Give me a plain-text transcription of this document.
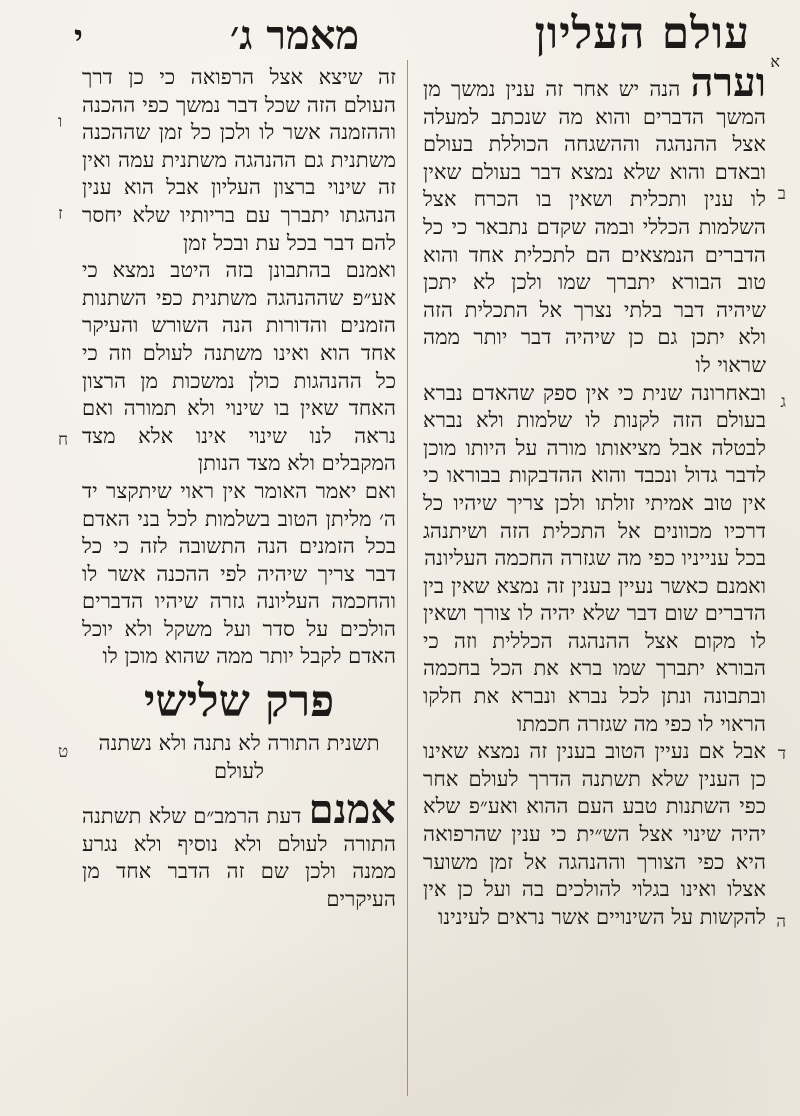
עולם העליון
מאמר ג׳
י
א

וערה הנה יש אחר זה ענין נמשך מן המשך הדברים והוא מה שנכתב למעלה אצל ההנהגה וההשגחה הכוללת בעולם ובאדם והוא שלא נמצא דבר בעולם שאין לו ענין ותכלית ושאין בו הכרח אצל השלמות הכללי ובמה שקדם נתבאר כי כל הדברים הנמצאים הם לתכלית אחד והוא טוב הבורא יתברך שמו ולכן לא יתכן שיהיה דבר בלתי נצרך אל התכלית הזה ולא יתכן גם כן שיהיה דבר יותר ממה שראוי לו

ובאחרונה שנית כי אין ספק שהאדם נברא בעולם הזה לקנות לו שלמות ולא נברא לבטלה אבל מציאותו מורה על היותו מוכן לדבר גדול ונכבד והוא ההדבקות בבוראו כי אין טוב אמיתי זולתו ולכן צריך שיהיו כל דרכיו מכוונים אל התכלית הזה ושיתנהג בכל ענייניו כפי מה שגזרה החכמה העליונה

ואמנם כאשר נעיין בענין זה נמצא שאין בין הדברים שום דבר שלא יהיה לו צורך ושאין לו מקום אצל ההנהגה הכללית וזה כי הבורא יתברך שמו ברא את הכל בחכמה ובתבונה ונתן לכל נברא ונברא את חלקו הראוי לו כפי מה שגזרה חכמתו

אבל אם נעיין הטוב בענין זה נמצא שאינו כן הענין שלא תשתנה הדרך לעולם אחר כפי השתנות טבע העם ההוא ואע״פ שלא יהיה שינוי אצל הש״ית כי ענין שהרפואה היא כפי הצורך וההנהגה אל זמן משוער אצלו ואינו בגלוי להולכים בה ועל כן אין להקשות על השינויים אשר נראים לעינינו

זה שיצא אצל הרפואה כי כן דרך העולם הזה שכל דבר נמשך כפי ההכנה וההזמנה אשר לו ולכן כל זמן שההכנה משתנית גם ההנהגה משתנית עמה ואין זה שינוי ברצון העליון אבל הוא ענין הנהגתו יתברך עם בריותיו שלא יחסר להם דבר בכל עת ובכל זמן

ואמנם בהתבונן בזה היטב נמצא כי אע״פ שההנהגה משתנית כפי השתנות הזמנים והדורות הנה השורש והעיקר אחד הוא ואינו משתנה לעולם וזה כי כל ההנהגות כולן נמשכות מן הרצון האחד שאין בו שינוי ולא תמורה ואם נראה לנו שינוי אינו אלא מצד המקבלים ולא מצד הנותן

ואם יאמר האומר אין ראוי שיתקצר יד ה׳ מליתן הטוב בשלמות לכל בני האדם בכל הזמנים הנה התשובה לזה כי כל דבר צריך שיהיה לפי ההכנה אשר לו והחכמה העליונה גזרה שיהיו הדברים הולכים על סדר ועל משקל ולא יוכל האדם לקבל יותר ממה שהוא מוכן לו

פרק שלישי
תשנית התורה לא נתנה ולא נשתנה לעולם

אמנם דעת הרמב״ם שלא תשתנה התורה לעולם ולא נוסיף ולא נגרע ממנה ולכן שם זה הדבר אחד מן העיקרים

ב
ג
ד
ה
ו
ז
ח
ט
